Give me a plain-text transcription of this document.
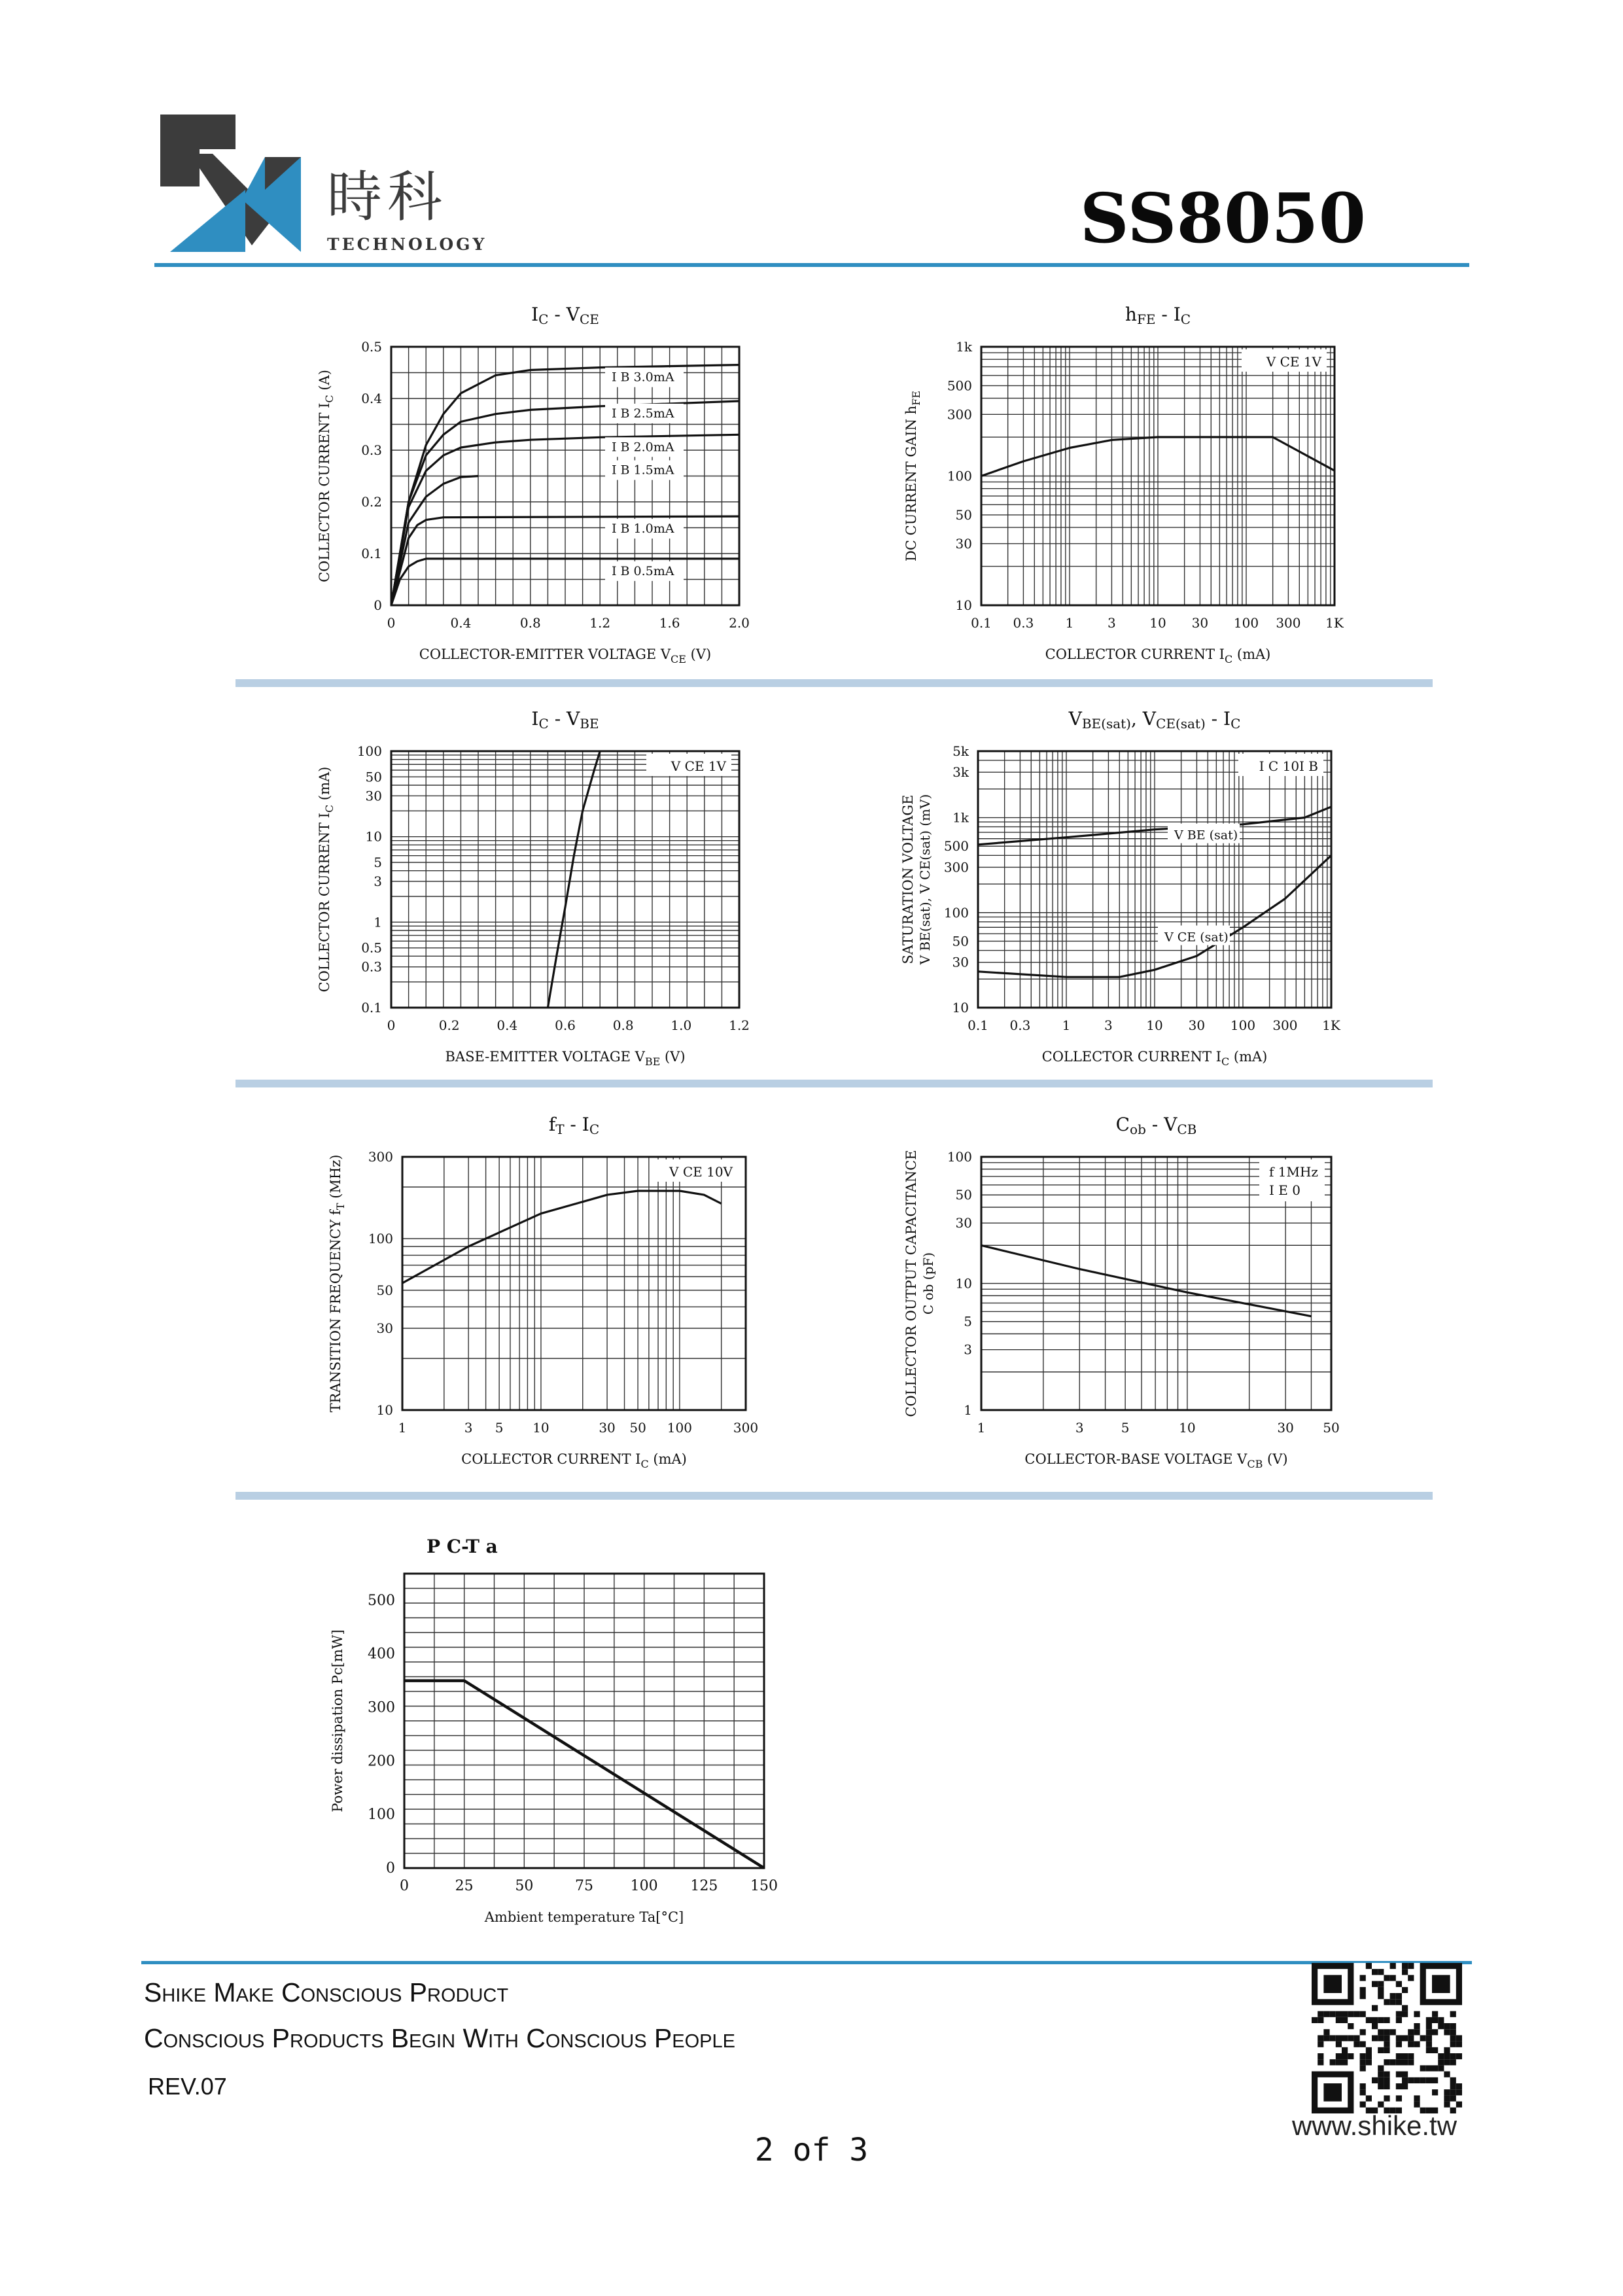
時科
TECHNOLOGY	SS8050
0	0.4	0.8	1.2	1.6	2.0
0
0.1
0.2
0.3
0.4
0.5
IC - VCE
COLLECTOR-EMITTER VOLTAGE $V_{CE}$ (V)
COLLECTOR CURRENT $I_C$ (A)	I B 3.0mA
I B 2.5mA
I B 2.0mA
I B 1.5mA
I B 1.0mA
I B 0.5mA
0.1 0.3 1	3	10 30 100 300 1K
10
30
50
100
300
500
1k
hFE - IC
COLLECTOR CURRENT $I_C$ (mA)
DC CURRENT GAIN $h_{FE}$
V CE 1V
0	0.2	0.4	0.6	0.8	1.0	1.2
0.1
0.3
0.5
1
3
5
10
30
50
100
IC - VBE
BASE-EMITTER VOLTAGE $V_{BE}$ (V)
COLLECTOR CURRENT $I_C$ (mA)
V CE 1V
0.1 0.3 1	3	10 30 100 300 1K
10
30
50
100
300
500
1k
3k
5k
VBE(sat), VCE(sat) - IC
COLLECTOR CURRENT $I_C$ (mA)
SATURATION VOLTAGE V BE(sat), V CE(sat) (mV)
I C 10I B
V BE (sat)
V CE (sat)
1	3 5 10	30 50 100	300
10
30
50
100
300
fT - IC
COLLECTOR CURRENT $I_C$ (mA)
TRANSITION FREQUENCY $f_T$ (MHz)	V CE 10V
1	3	5	10	30 50
1
3
5
10
30
50
100
Cob - VCB
COLLECTOR-BASE VOLTAGE $V_{CB}$ (V)
COLLECTOR OUTPUT CAPACITANCE C ob (pF)
f 1MHz
I E 0
0	25	50	75	100 125 150
0
100
200
300
400
500
P C-T a
Ambient temperature Ta[°C]
Power dissipation Pc[mW]
Shike Make Conscious Product
Conscious Products Begin With Conscious People
REV.07
2 of 3
www.shike.tw
